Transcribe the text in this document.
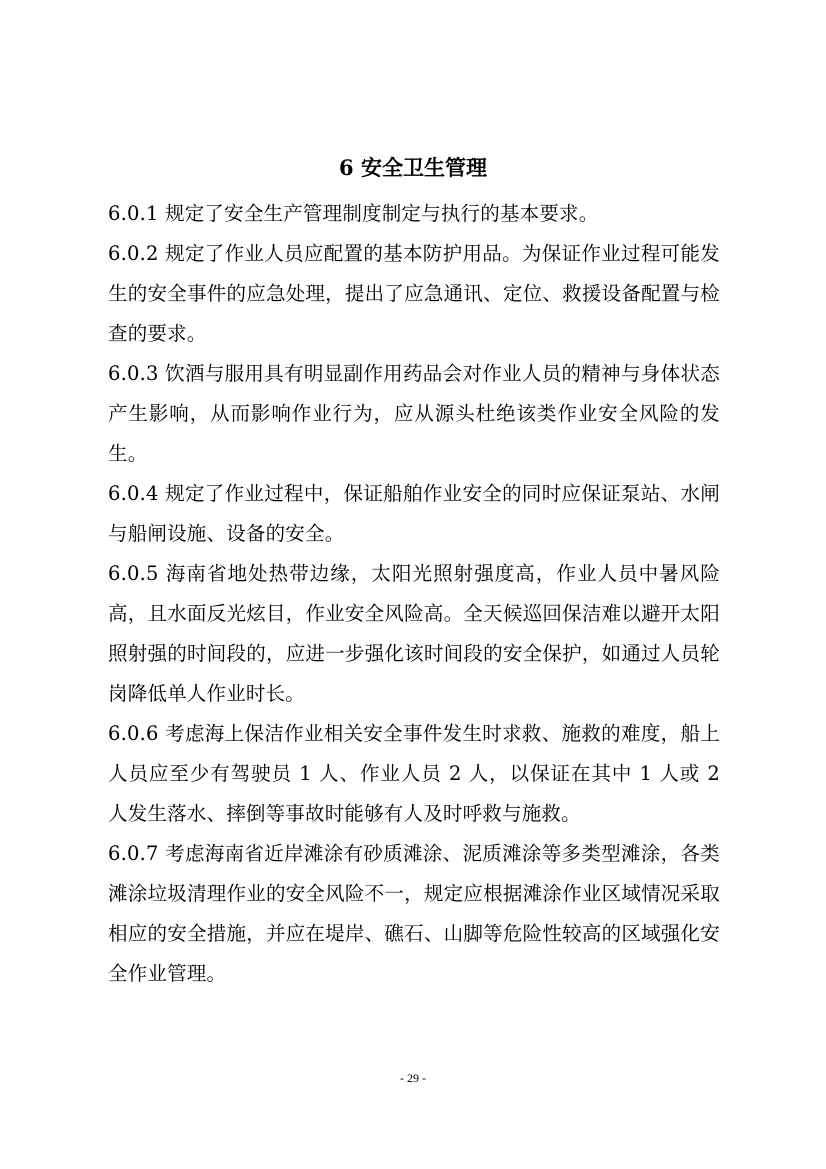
6 安全卫生管理

6.0.1 规定了安全生产管理制度制定与执行的基本要求。

6.0.2 规定了作业人员应配置的基本防护用品。为保证作业过程可能发生的安全事件的应急处理，提出了应急通讯、定位、救援设备配置与检查的要求。

6.0.3 饮酒与服用具有明显副作用药品会对作业人员的精神与身体状态产生影响，从而影响作业行为，应从源头杜绝该类作业安全风险的发生。

6.0.4 规定了作业过程中，保证船舶作业安全的同时应保证泵站、水闸与船闸设施、设备的安全。

6.0.5 海南省地处热带边缘，太阳光照射强度高，作业人员中暑风险高，且水面反光炫目，作业安全风险高。全天候巡回保洁难以避开太阳照射强的时间段的，应进一步强化该时间段的安全保护，如通过人员轮岗降低单人作业时长。

6.0.6 考虑海上保洁作业相关安全事件发生时求救、施救的难度，船上人员应至少有驾驶员 1 人、作业人员 2 人，以保证在其中 1 人或 2 人发生落水、摔倒等事故时能够有人及时呼救与施救。

6.0.7 考虑海南省近岸滩涂有砂质滩涂、泥质滩涂等多类型滩涂，各类滩涂垃圾清理作业的安全风险不一，规定应根据滩涂作业区域情况采取相应的安全措施，并应在堤岸、礁石、山脚等危险性较高的区域强化安全作业管理。

- 29 -
